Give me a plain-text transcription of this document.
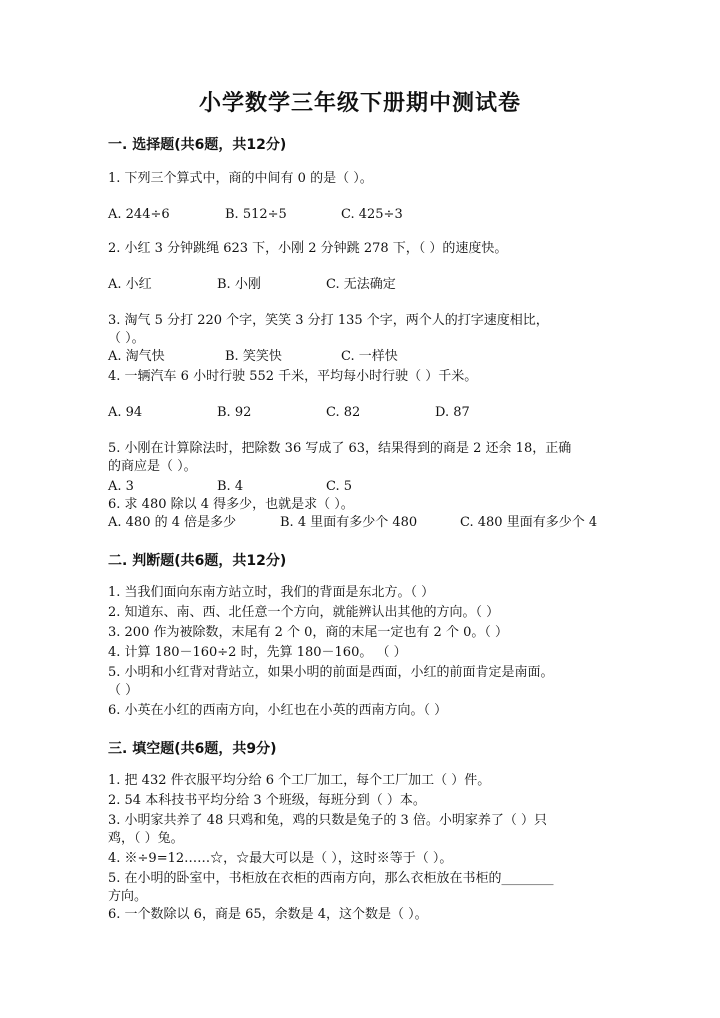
小学数学三年级下册期中测试卷
一. 选择题(共6题，共12分)
1. 下列三个算式中，商的中间有 0 的是（ ）。
A. 244÷6	B. 512÷5	C. 425÷3
2. 小红 3 分钟跳绳 623 下，小刚 2 分钟跳 278 下，（ ）的速度快。
A. 小红	B. 小刚	C. 无法确定
3. 淘气 5 分打 220 个字，笑笑 3 分打 135 个字，两个人的打字速度相比，
（ ）。
A. 淘气快	B. 笑笑快	C. 一样快
4. 一辆汽车 6 小时行驶 552 千米，平均每小时行驶（ ）千米。
A. 94	B. 92	C. 82	D. 87
5. 小刚在计算除法时，把除数 36 写成了 63，结果得到的商是 2 还余 18，正确
的商应是（ ）。
A. 3	B. 4	C. 5
6. 求 480 除以 4 得多少，也就是求（ ）。
A. 480 的 4 倍是多少	B. 4 里面有多少个 480	C. 480 里面有多少个 4
二. 判断题(共6题，共12分)
1. 当我们面向东南方站立时，我们的背面是东北方。（ ）
2. 知道东、南、西、北任意一个方向，就能辨认出其他的方向。（ ）
3. 200 作为被除数，末尾有 2 个 0，商的末尾一定也有 2 个 0。（ ）
4. 计算 180－160÷2 时，先算 180－160。 （ ）
5. 小明和小红背对背站立，如果小明的前面是西面，小红的前面肯定是南面。
（ ）
6. 小英在小红的西南方向，小红也在小英的西南方向。（ ）
三. 填空题(共6题，共9分)
1. 把 432 件衣服平均分给 6 个工厂加工，每个工厂加工（ ）件。
2. 54 本科技书平均分给 3 个班级，每班分到（ ）本。
3. 小明家共养了 48 只鸡和兔，鸡的只数是兔子的 3 倍。小明家养了（ ）只
鸡，（ ）兔。
4. ※÷9=12……☆，☆最大可以是（ ），这时※等于（ ）。
5. 在小明的卧室中，书柜放在衣柜的西南方向，那么衣柜放在书柜的________
方向。
6. 一个数除以 6，商是 65，余数是 4，这个数是（ ）。
